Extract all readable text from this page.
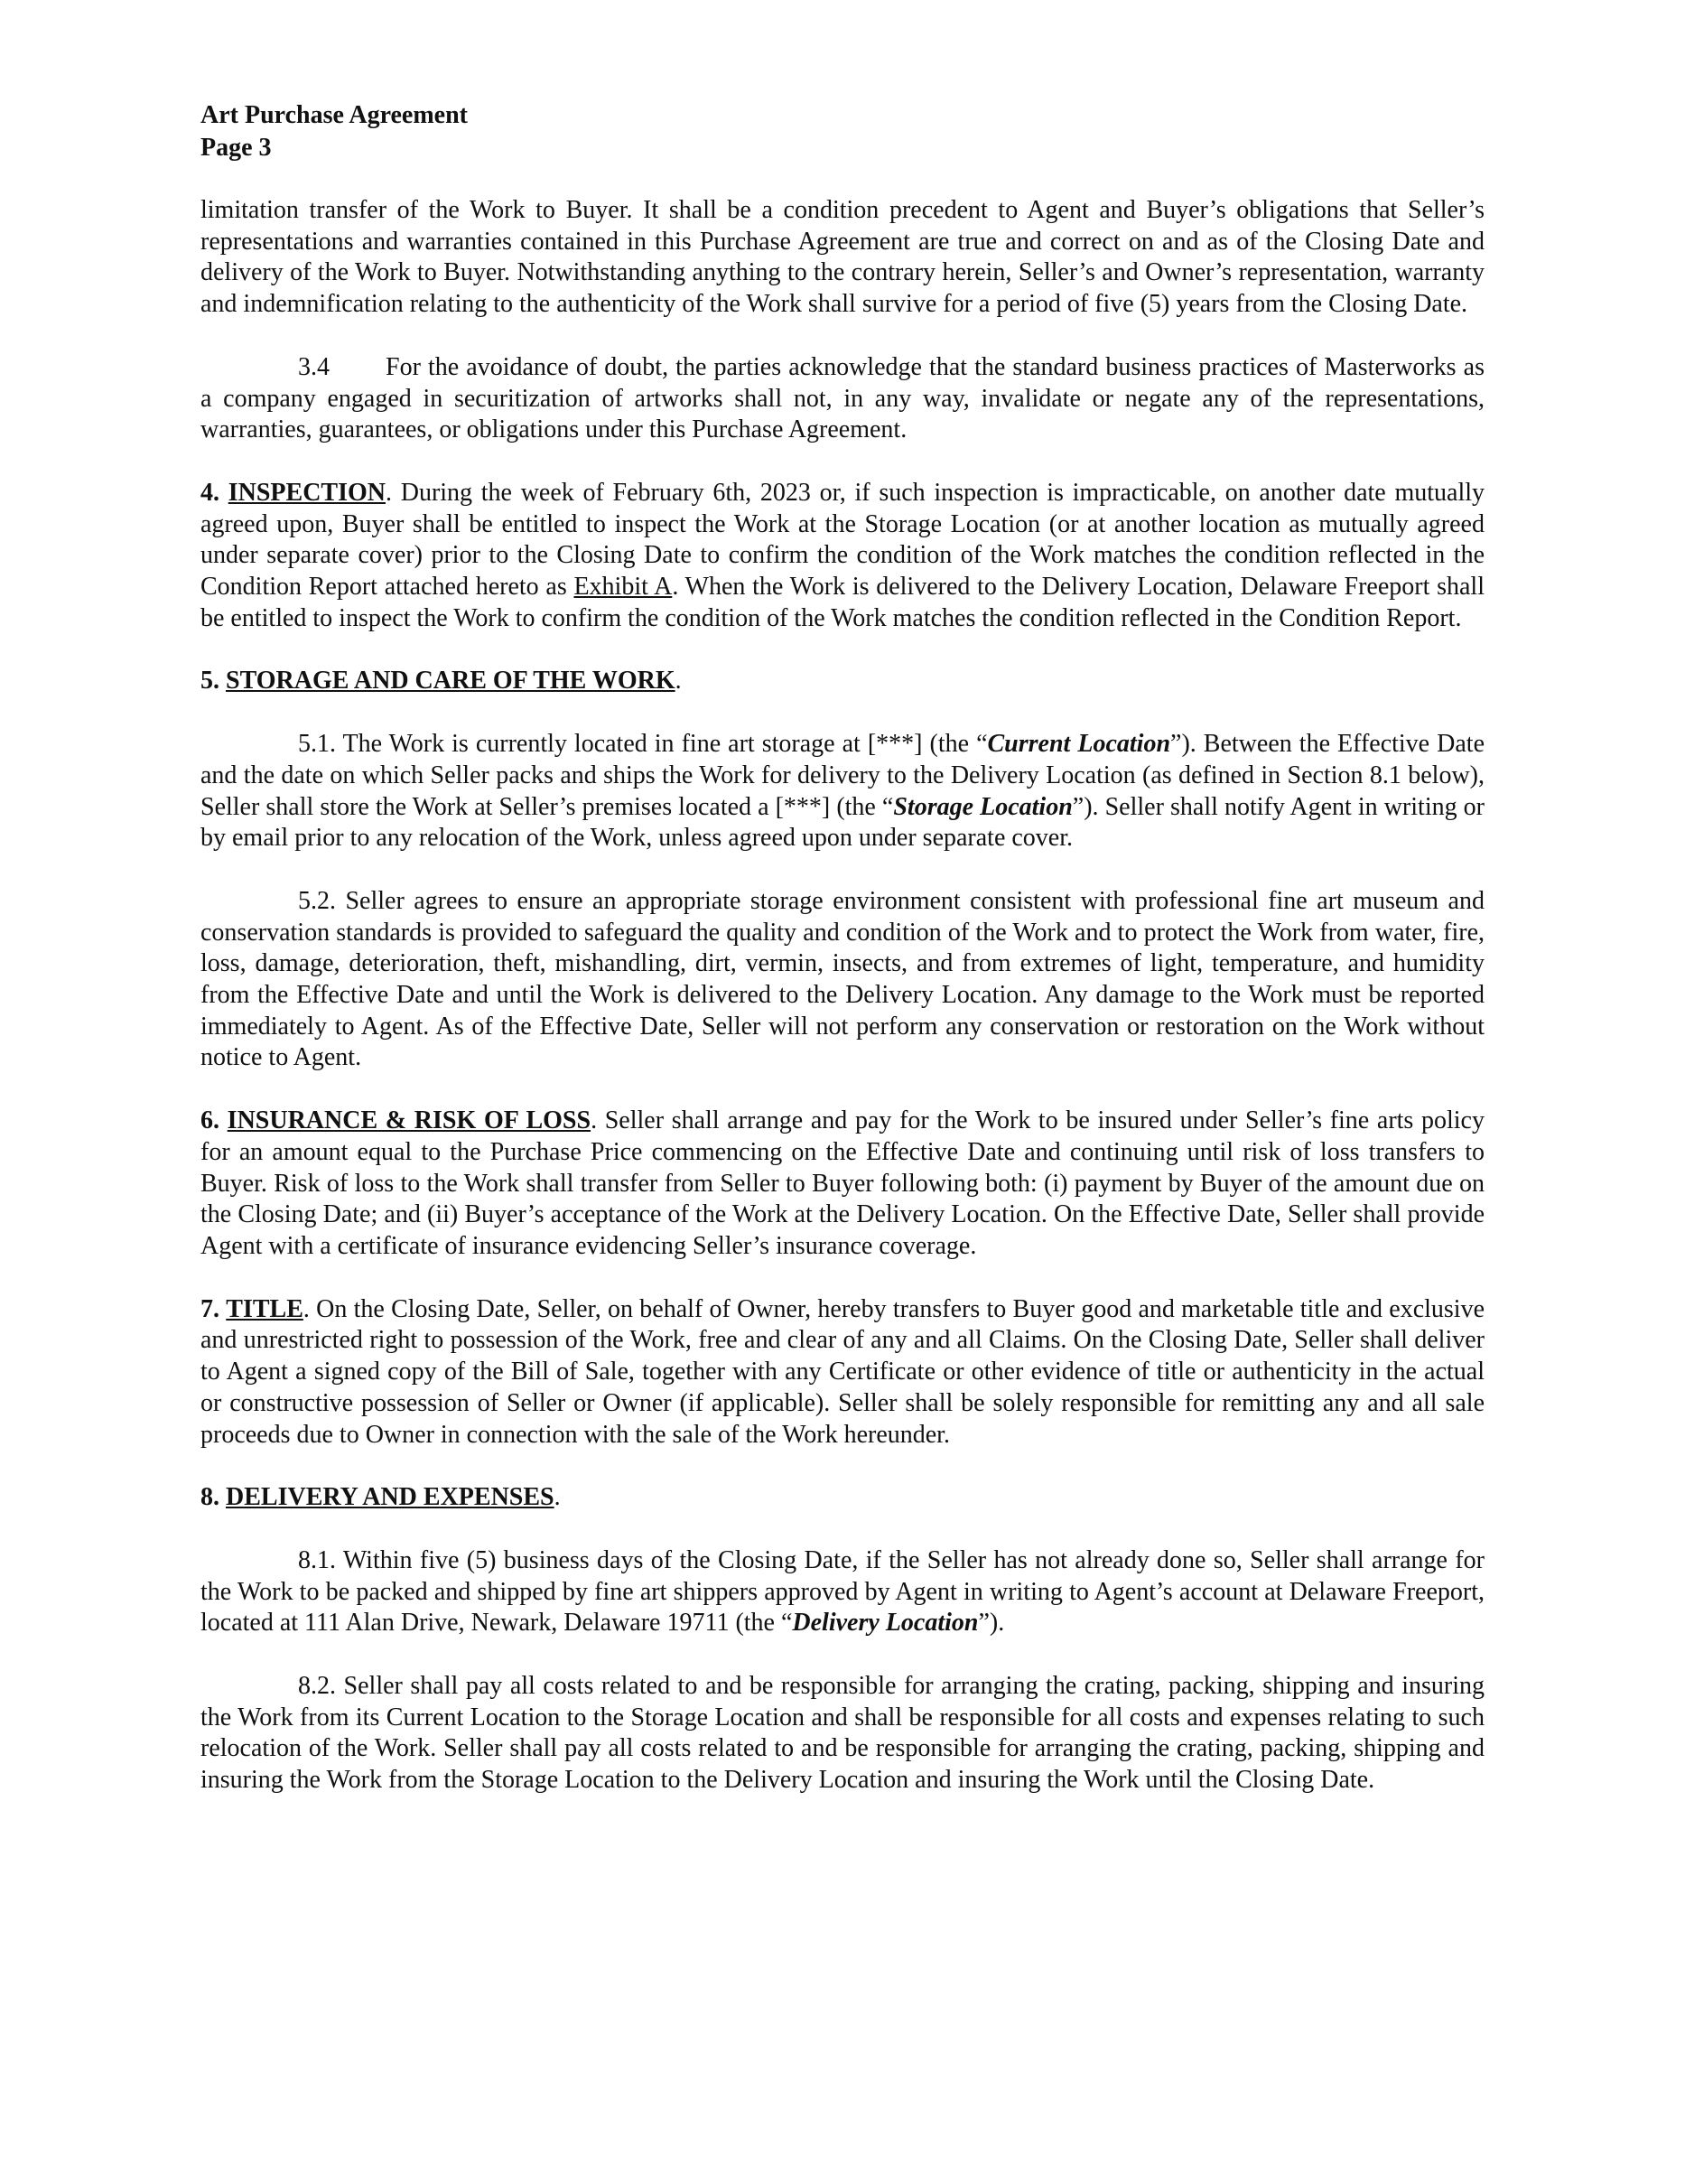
Art Purchase Agreement

Page 3

limitation transfer of the Work to Buyer. It shall be a condition precedent to Agent and Buyer’s obligations that Seller’s representations and warranties contained in this Purchase Agreement are true and correct on and as of the Closing Date and delivery of the Work to Buyer. Notwithstanding anything to the contrary herein, Seller’s and Owner’s representation, warranty and indemnification relating to the authenticity of the Work shall survive for a period of five (5) years from the Closing Date.

3.4 For the avoidance of doubt, the parties acknowledge that the standard business practices of Masterworks as a company engaged in securitization of artworks shall not, in any way, invalidate or negate any of the representations, warranties, guarantees, or obligations under this Purchase Agreement.

4. INSPECTION. During the week of February 6th, 2023 or, if such inspection is impracticable, on another date mutually agreed upon, Buyer shall be entitled to inspect the Work at the Storage Location (or at another location as mutually agreed under separate cover) prior to the Closing Date to confirm the condition of the Work matches the condition reflected in the Condition Report attached hereto as Exhibit A. When the Work is delivered to the Delivery Location, Delaware Freeport shall be entitled to inspect the Work to confirm the condition of the Work matches the condition reflected in the Condition Report.

5. STORAGE AND CARE OF THE WORK.

5.1. The Work is currently located in fine art storage at [***] (the “Current Location”). Between the Effective Date and the date on which Seller packs and ships the Work for delivery to the Delivery Location (as defined in Section 8.1 below), Seller shall store the Work at Seller’s premises located a [***] (the “Storage Location”). Seller shall notify Agent in writing or by email prior to any relocation of the Work, unless agreed upon under separate cover.

5.2. Seller agrees to ensure an appropriate storage environment consistent with professional fine art museum and conservation standards is provided to safeguard the quality and condition of the Work and to protect the Work from water, fire, loss, damage, deterioration, theft, mishandling, dirt, vermin, insects, and from extremes of light, temperature, and humidity from the Effective Date and until the Work is delivered to the Delivery Location. Any damage to the Work must be reported immediately to Agent. As of the Effective Date, Seller will not perform any conservation or restoration on the Work without notice to Agent.

6. INSURANCE & RISK OF LOSS. Seller shall arrange and pay for the Work to be insured under Seller’s fine arts policy for an amount equal to the Purchase Price commencing on the Effective Date and continuing until risk of loss transfers to Buyer. Risk of loss to the Work shall transfer from Seller to Buyer following both: (i) payment by Buyer of the amount due on the Closing Date; and (ii) Buyer’s acceptance of the Work at the Delivery Location. On the Effective Date, Seller shall provide Agent with a certificate of insurance evidencing Seller’s insurance coverage.

7. TITLE. On the Closing Date, Seller, on behalf of Owner, hereby transfers to Buyer good and marketable title and exclusive and unrestricted right to possession of the Work, free and clear of any and all Claims. On the Closing Date, Seller shall deliver to Agent a signed copy of the Bill of Sale, together with any Certificate or other evidence of title or authenticity in the actual or constructive possession of Seller or Owner (if applicable). Seller shall be solely responsible for remitting any and all sale proceeds due to Owner in connection with the sale of the Work hereunder.

8. DELIVERY AND EXPENSES.

8.1. Within five (5) business days of the Closing Date, if the Seller has not already done so, Seller shall arrange for the Work to be packed and shipped by fine art shippers approved by Agent in writing to Agent’s account at Delaware Freeport, located at 111 Alan Drive, Newark, Delaware 19711 (the “Delivery Location”).

8.2. Seller shall pay all costs related to and be responsible for arranging the crating, packing, shipping and insuring the Work from its Current Location to the Storage Location and shall be responsible for all costs and expenses relating to such relocation of the Work. Seller shall pay all costs related to and be responsible for arranging the crating, packing, shipping and insuring the Work from the Storage Location to the Delivery Location and insuring the Work until the Closing Date.
